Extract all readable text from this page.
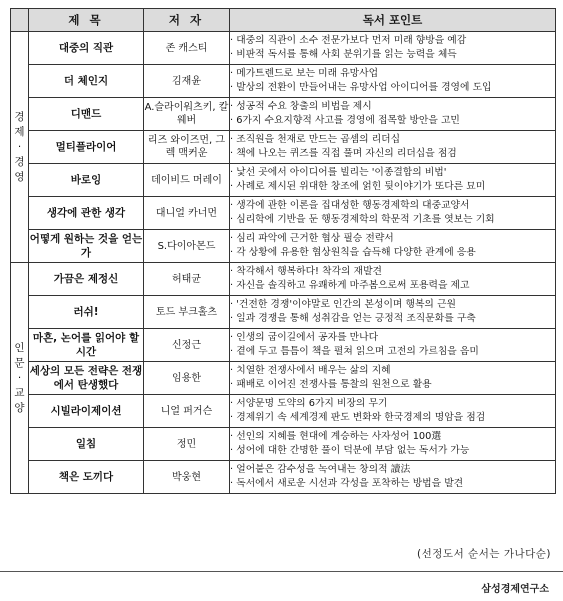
	제 목	저 자	독서 포인트
경제·경영	대중의 직관	존 캐스티	· 대중의 직관이 소수 전문가보다 먼저 미래 향방을 예감
· 비판적 독서를 통해 사회 분위기를 읽는 능력을 체득

	더 체인지	김재윤	· 메가트렌드로 보는 미래 유망사업
· 발상의 전환이 만들어내는 유망사업 아이디어를 경영에 도입

	디맨드	A.슬라이워츠키, 칼 웨버	· 성공적 수요 창출의 비법을 제시
· 6가지 수요지향적 사고를 경영에 접목할 방안을 고민

	멀티플라이어	리즈 와이즈먼, 그렉 맥커운	· 조직원을 천재로 만드는 곱셈의 리더십
· 책에 나오는 퀴즈를 직접 풀며 자신의 리더십을 점검

	바로잉	데이비드 머레이	· 낯선 곳에서 아이디어를 빌리는 '이종결합의 비법'
· 사례로 제시된 위대한 창조에 얽힌 뒷이야기가 또다른 묘미

	생각에 관한 생각	대니얼 카너먼	· 생각에 관한 이론을 집대성한 행동경제학의 대중교양서
· 심리학에 기반을 둔 행동경제학의 학문적 기초를 엿보는 기회

	어떻게 원하는 것을 얻는가	S.다이아몬드	· 심리 파악에 근거한 협상 필승 전략서
· 각 상황에 유용한 협상원칙을 습득해 다양한 관계에 응용

인문·교양	가끔은 제정신	허태균	· 착각해서 행복하다! 착각의 재발견
· 자신을 솔직하고 유쾌하게 마주봄으로써 포용력을 제고

	러쉬!	토드 부크홀츠	· '건전한 경쟁'이야말로 인간의 본성이며 행복의 근원
· 일과 경쟁을 통해 성취감을 얻는 긍정적 조직문화를 구축

	마흔, 논어를 읽어야 할 시간	신정근	· 인생의 굽이길에서 공자를 만나다
· 곁에 두고 틈틈이 책을 펼쳐 읽으며 고전의 가르침을 음미

	세상의 모든 전략은 전쟁에서 탄생했다	임용한	· 치열한 전쟁사에서 배우는 삶의 지혜
· 패배로 이어진 전쟁사를 통찰의 원천으로 활용

	시빌라이제이션	니얼 퍼거슨	· 서양문명 도약의 6가지 비장의 무기
· 경제위기 속 세계경제 판도 변화와 한국경제의 명암을 점검

	일침	정민	· 선인의 지혜를 현대에 계승하는 사자성어 100選
· 성어에 대한 간명한 풀이 덕분에 부담 없는 독서가 가능

	책은 도끼다	박웅현	· 얼어붙은 감수성을 녹여내는 창의적 讀法
· 독서에서 새로운 시선과 각성을 포착하는 방법을 발견
(선정도서 순서는 가나다순)
삼성경제연구소
